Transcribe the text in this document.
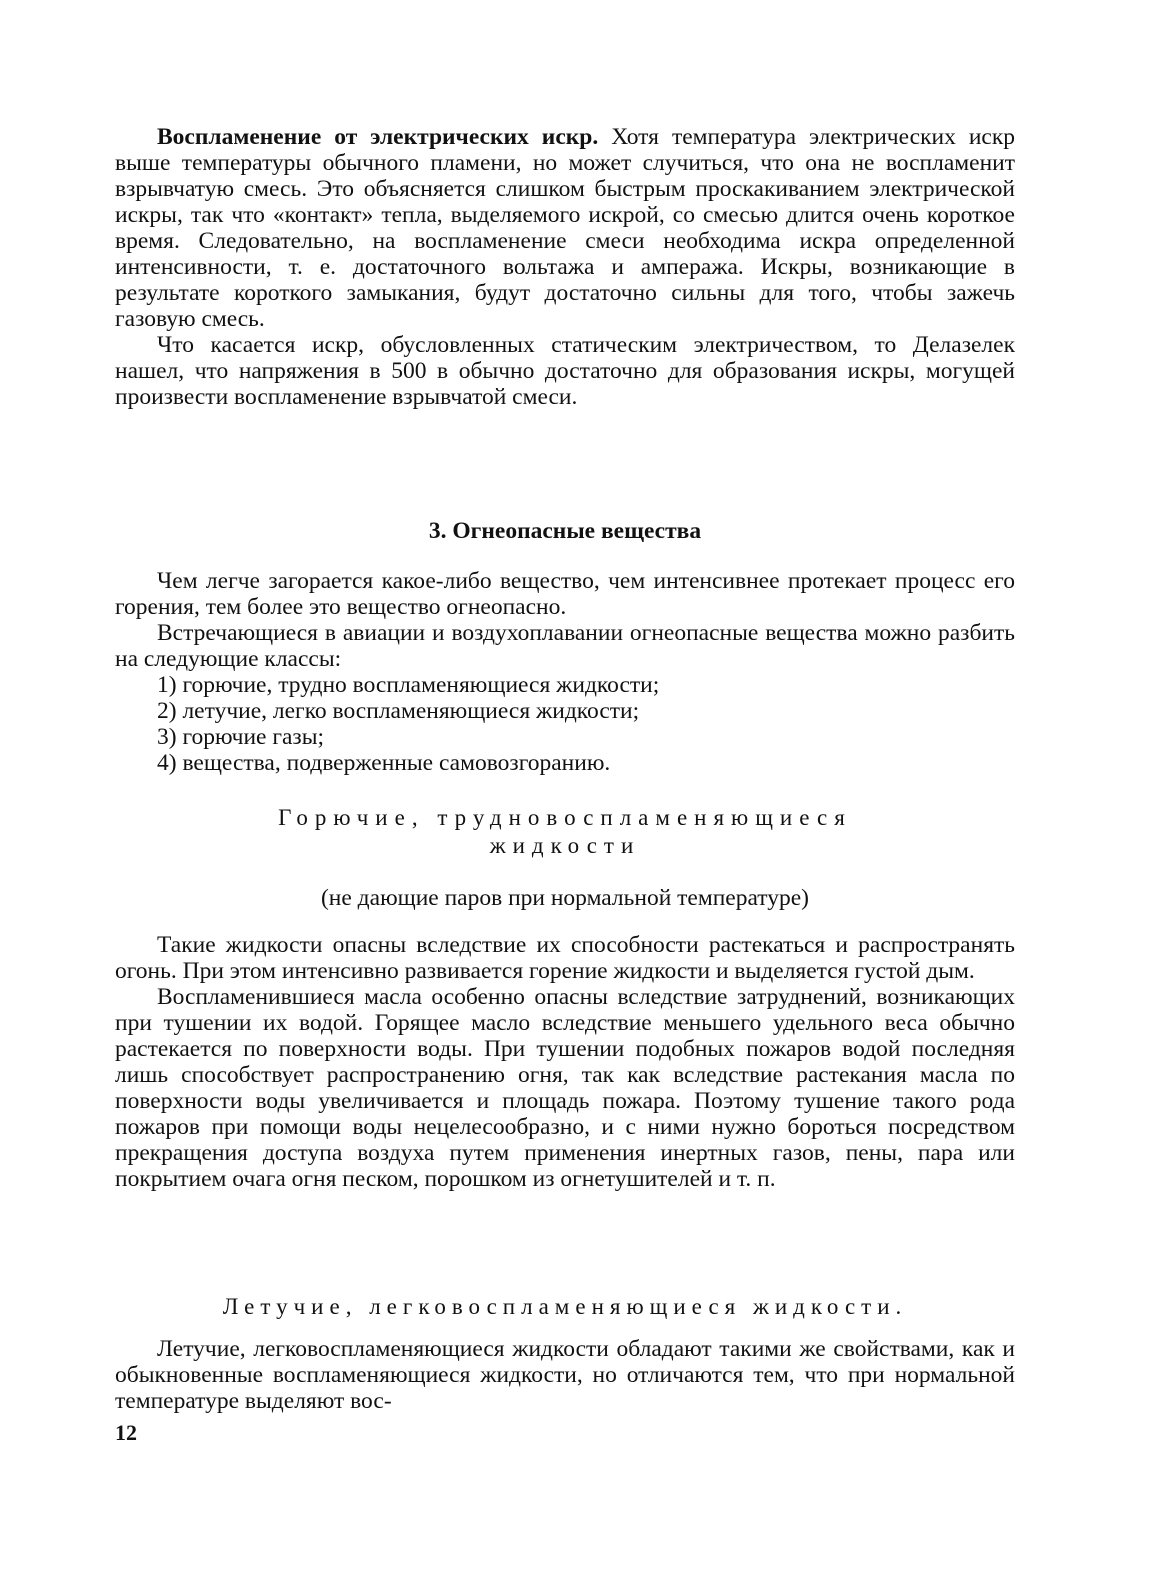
Воспламенение от электрических искр. Хотя температура электрических искр выше температуры обычного пламени, но может случиться, что она не воспламенит взрывчатую смесь. Это объясняется слишком быстрым проскакиванием электрической искры, так что «контакт» тепла, выделяемого искрой, со смесью длится очень короткое время. Следовательно, на воспламенение смеси необходима искра определенной интенсивности, т. е. достаточного вольтажа и ампеража. Искры, возникающие в результате короткого замыкания, будут достаточно сильны для того, чтобы зажечь газовую смесь.

Что касается искр, обусловленных статическим электричеством, то Делазелек нашел, что напряжения в 500 в обычно достаточно для образования искры, могущей произвести воспламенение взрывчатой смеси.

3. Огнеопасные вещества

Чем легче загорается какое-либо вещество, чем интенсивнее протекает процесс его горения, тем более это вещество огнеопасно.

Встречающиеся в авиации и воздухоплавании огнеопасные вещества можно разбить на следующие классы:

1) горючие, трудно воспламеняющиеся жидкости;
2) летучие, легко воспламеняющиеся жидкости;
3) горючие газы;
4) вещества, подверженные самовозгоранию.
Горючие, трудновоспламеняющиеся
жидкости

(не дающие паров при нормальной температуре)

Такие жидкости опасны вследствие их способности растекаться и распространять огонь. При этом интенсивно развивается горение жидкости и выделяется густой дым.

Воспламенившиеся масла особенно опасны вследствие затруднений, возникающих при тушении их водой. Горящее масло вследствие меньшего удельного веса обычно растекается по поверхности воды. При тушении подобных пожаров водой последняя лишь способствует распространению огня, так как вследствие растекания масла по поверхности воды увеличивается и площадь пожара. Поэтому тушение такого рода пожаров при помощи воды нецелесообразно, и с ними нужно бороться посредством прекращения доступа воздуха путем применения инертных газов, пены, пара или покрытием очага огня песком, порошком из огнетушителей и т. п.

Летучие, легковоспламеняющиеся жидкости.

Летучие, легковоспламеняющиеся жидкости обладают такими же свойствами, как и обыкновенные воспламеняющиеся жидкости, но отличаются тем, что при нормальной температуре выделяют вос-

12
